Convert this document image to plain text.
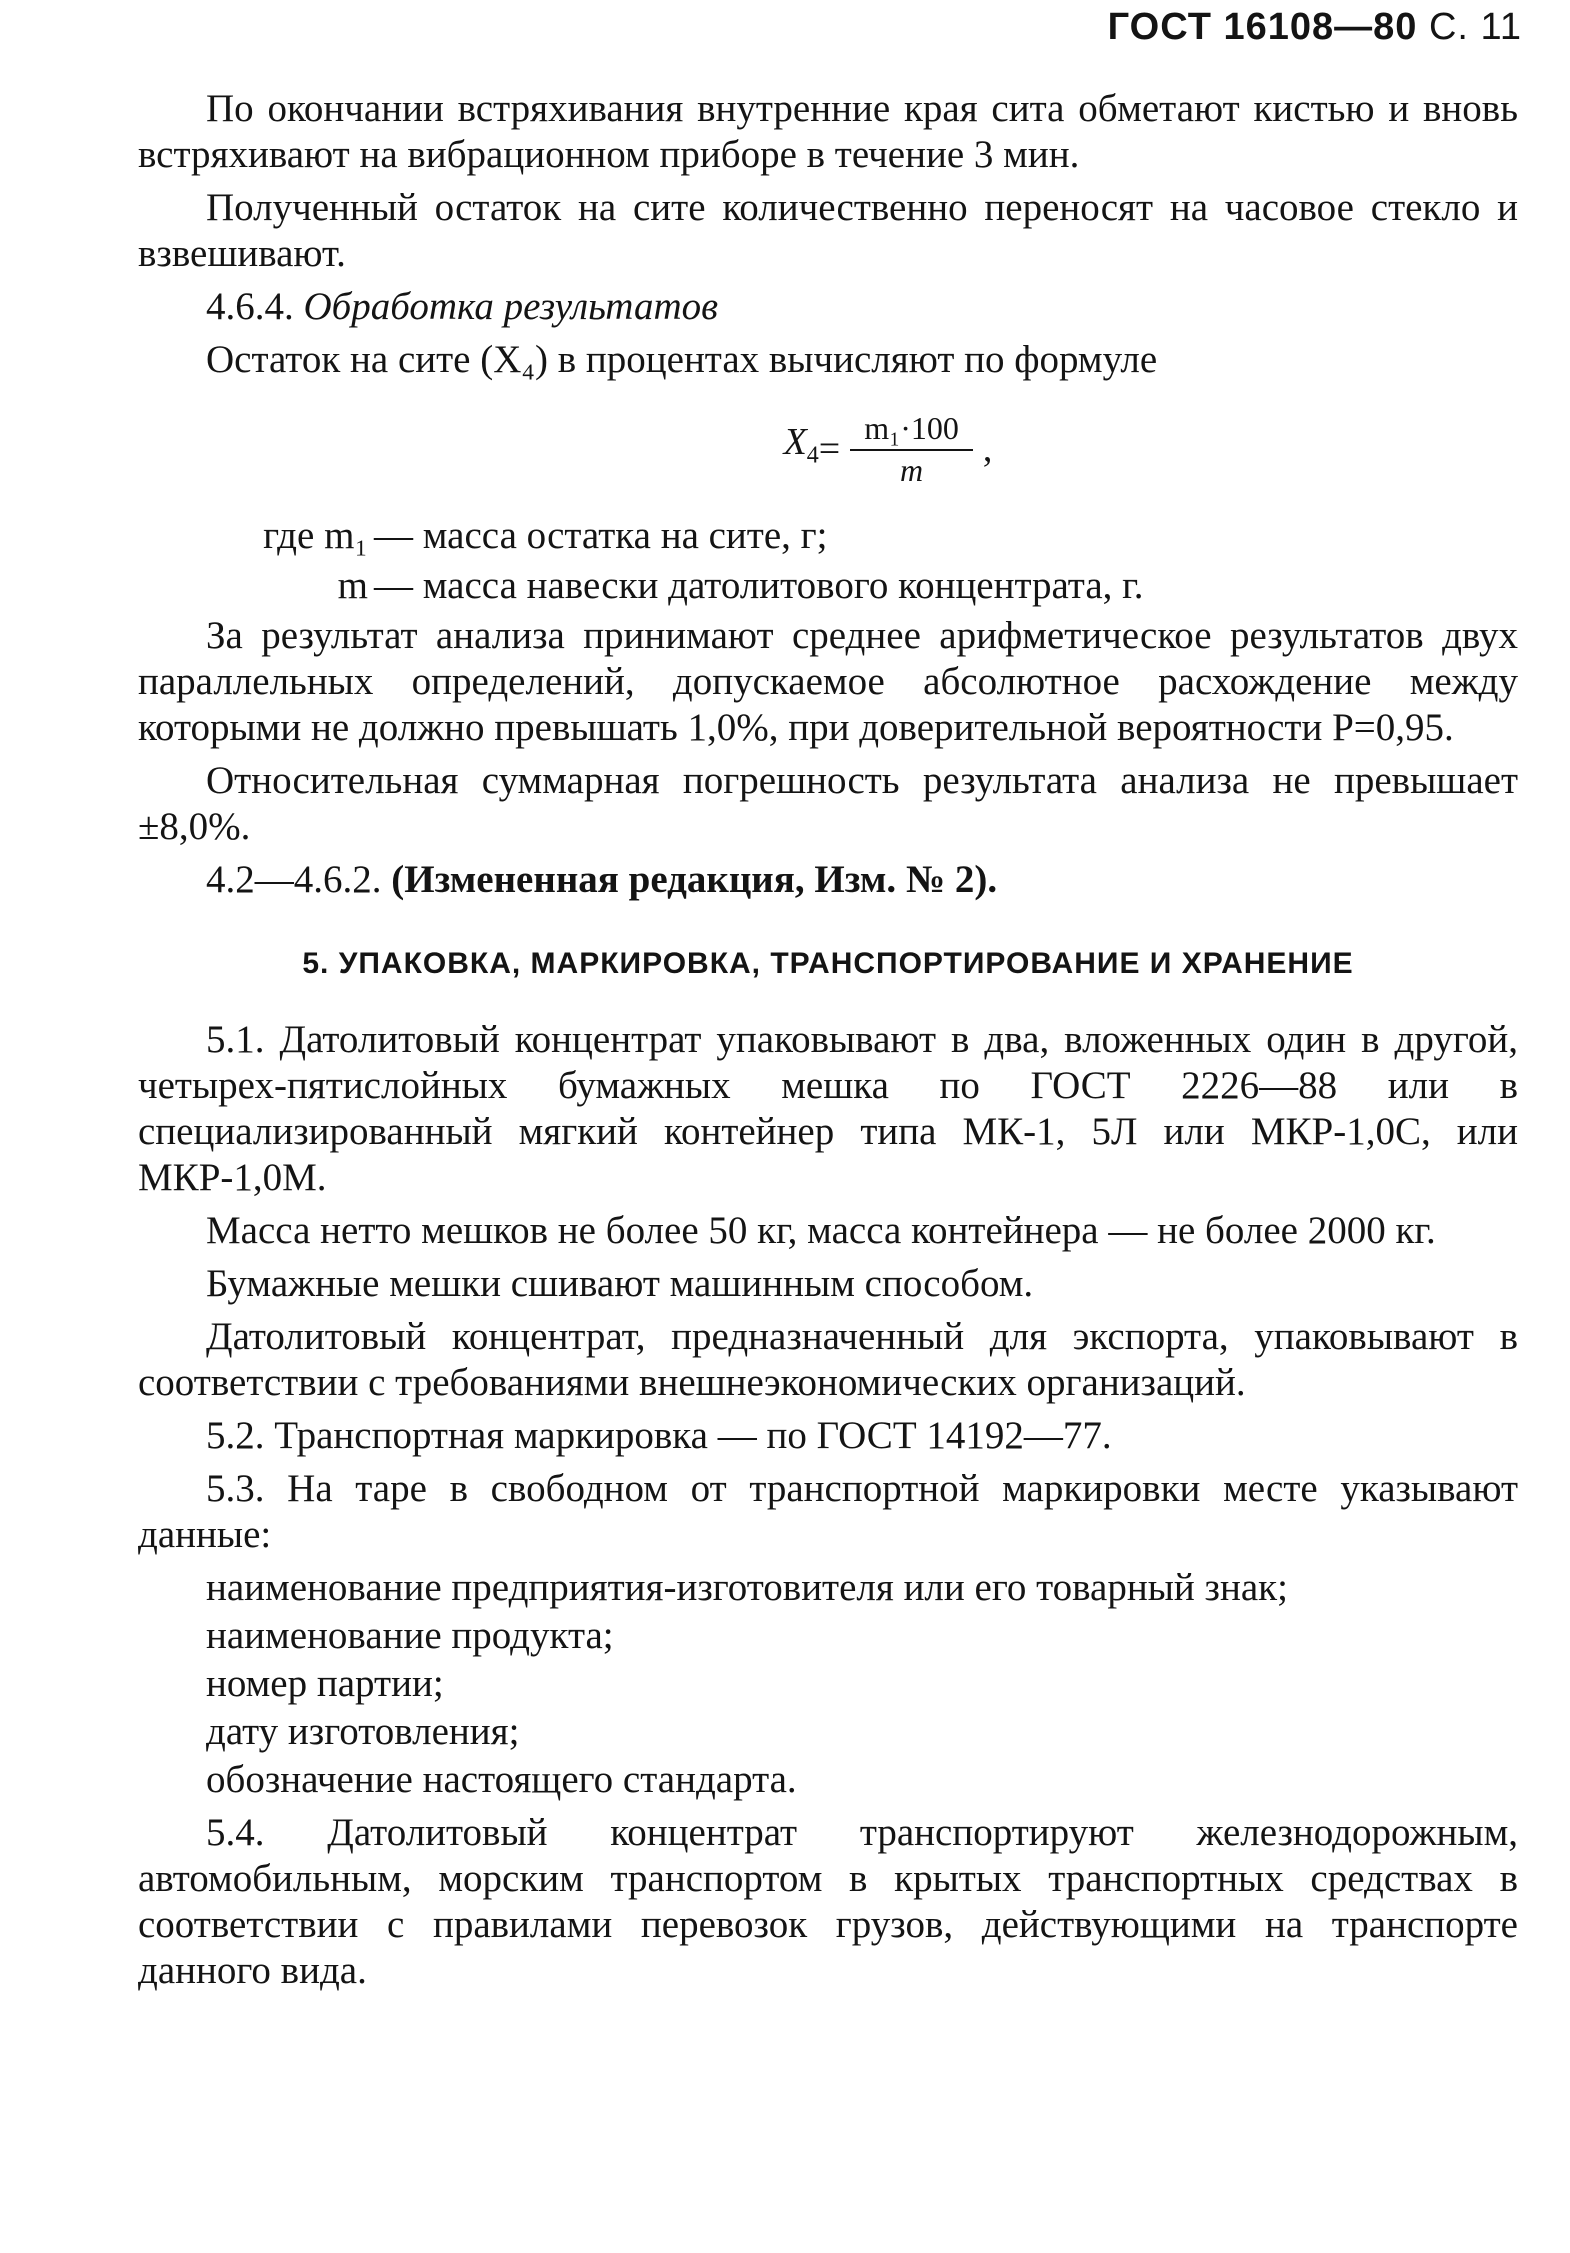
ГОСТ 16108—80 С. 11

По окончании встряхивания внутренние края сита обметают кистью и вновь встряхивают на вибрационном приборе в течение 3 мин.

Полученный остаток на сите количественно переносят на часовое стекло и взвешивают.

4.6.4. Обработка результатов

Остаток на сите (X₄) в процентах вычисляют по формуле

$X_4 = \frac{\text{m₁·100}}{m}$ ,
где m₁ — масса остатка на сите, г;
m — масса навески датолитового концентрата, г.

За результат анализа принимают среднее арифметическое результатов двух параллельных определений, допускаемое абсолютное расхождение между которыми не должно превышать 1,0%, при доверительной вероятности P=0,95.

Относительная суммарная погрешность результата анализа не превышает ±8,0%.

4.2—4.6.2. (Измененная редакция, Изм. № 2).

5. УПАКОВКА, МАРКИРОВКА, ТРАНСПОРТИРОВАНИЕ И ХРАНЕНИЕ

5.1. Датолитовый концентрат упаковывают в два, вложенных один в другой, четырех-пятислойных бумажных мешка по ГОСТ 2226—88 или в специализированный мягкий контейнер типа МК-1, 5Л или МКР-1,0С, или МКР-1,0М.

Масса нетто мешков не более 50 кг, масса контейнера — не более 2000 кг.

Бумажные мешки сшивают машинным способом.

Датолитовый концентрат, предназначенный для экспорта, упаковывают в соответствии с требованиями внешнеэкономических организаций.

5.2. Транспортная маркировка — по ГОСТ 14192—77.

5.3. На таре в свободном от транспортной маркировки месте указывают данные:

наименование предприятия-изготовителя или его товарный знак;
наименование продукта;
номер партии;
дату изготовления;
обозначение настоящего стандарта.

5.4. Датолитовый концентрат транспортируют железнодорожным, автомобильным, морским транспортом в крытых транспортных средствах в соответствии с правилами перевозок грузов, действующими на транспорте данного вида.
